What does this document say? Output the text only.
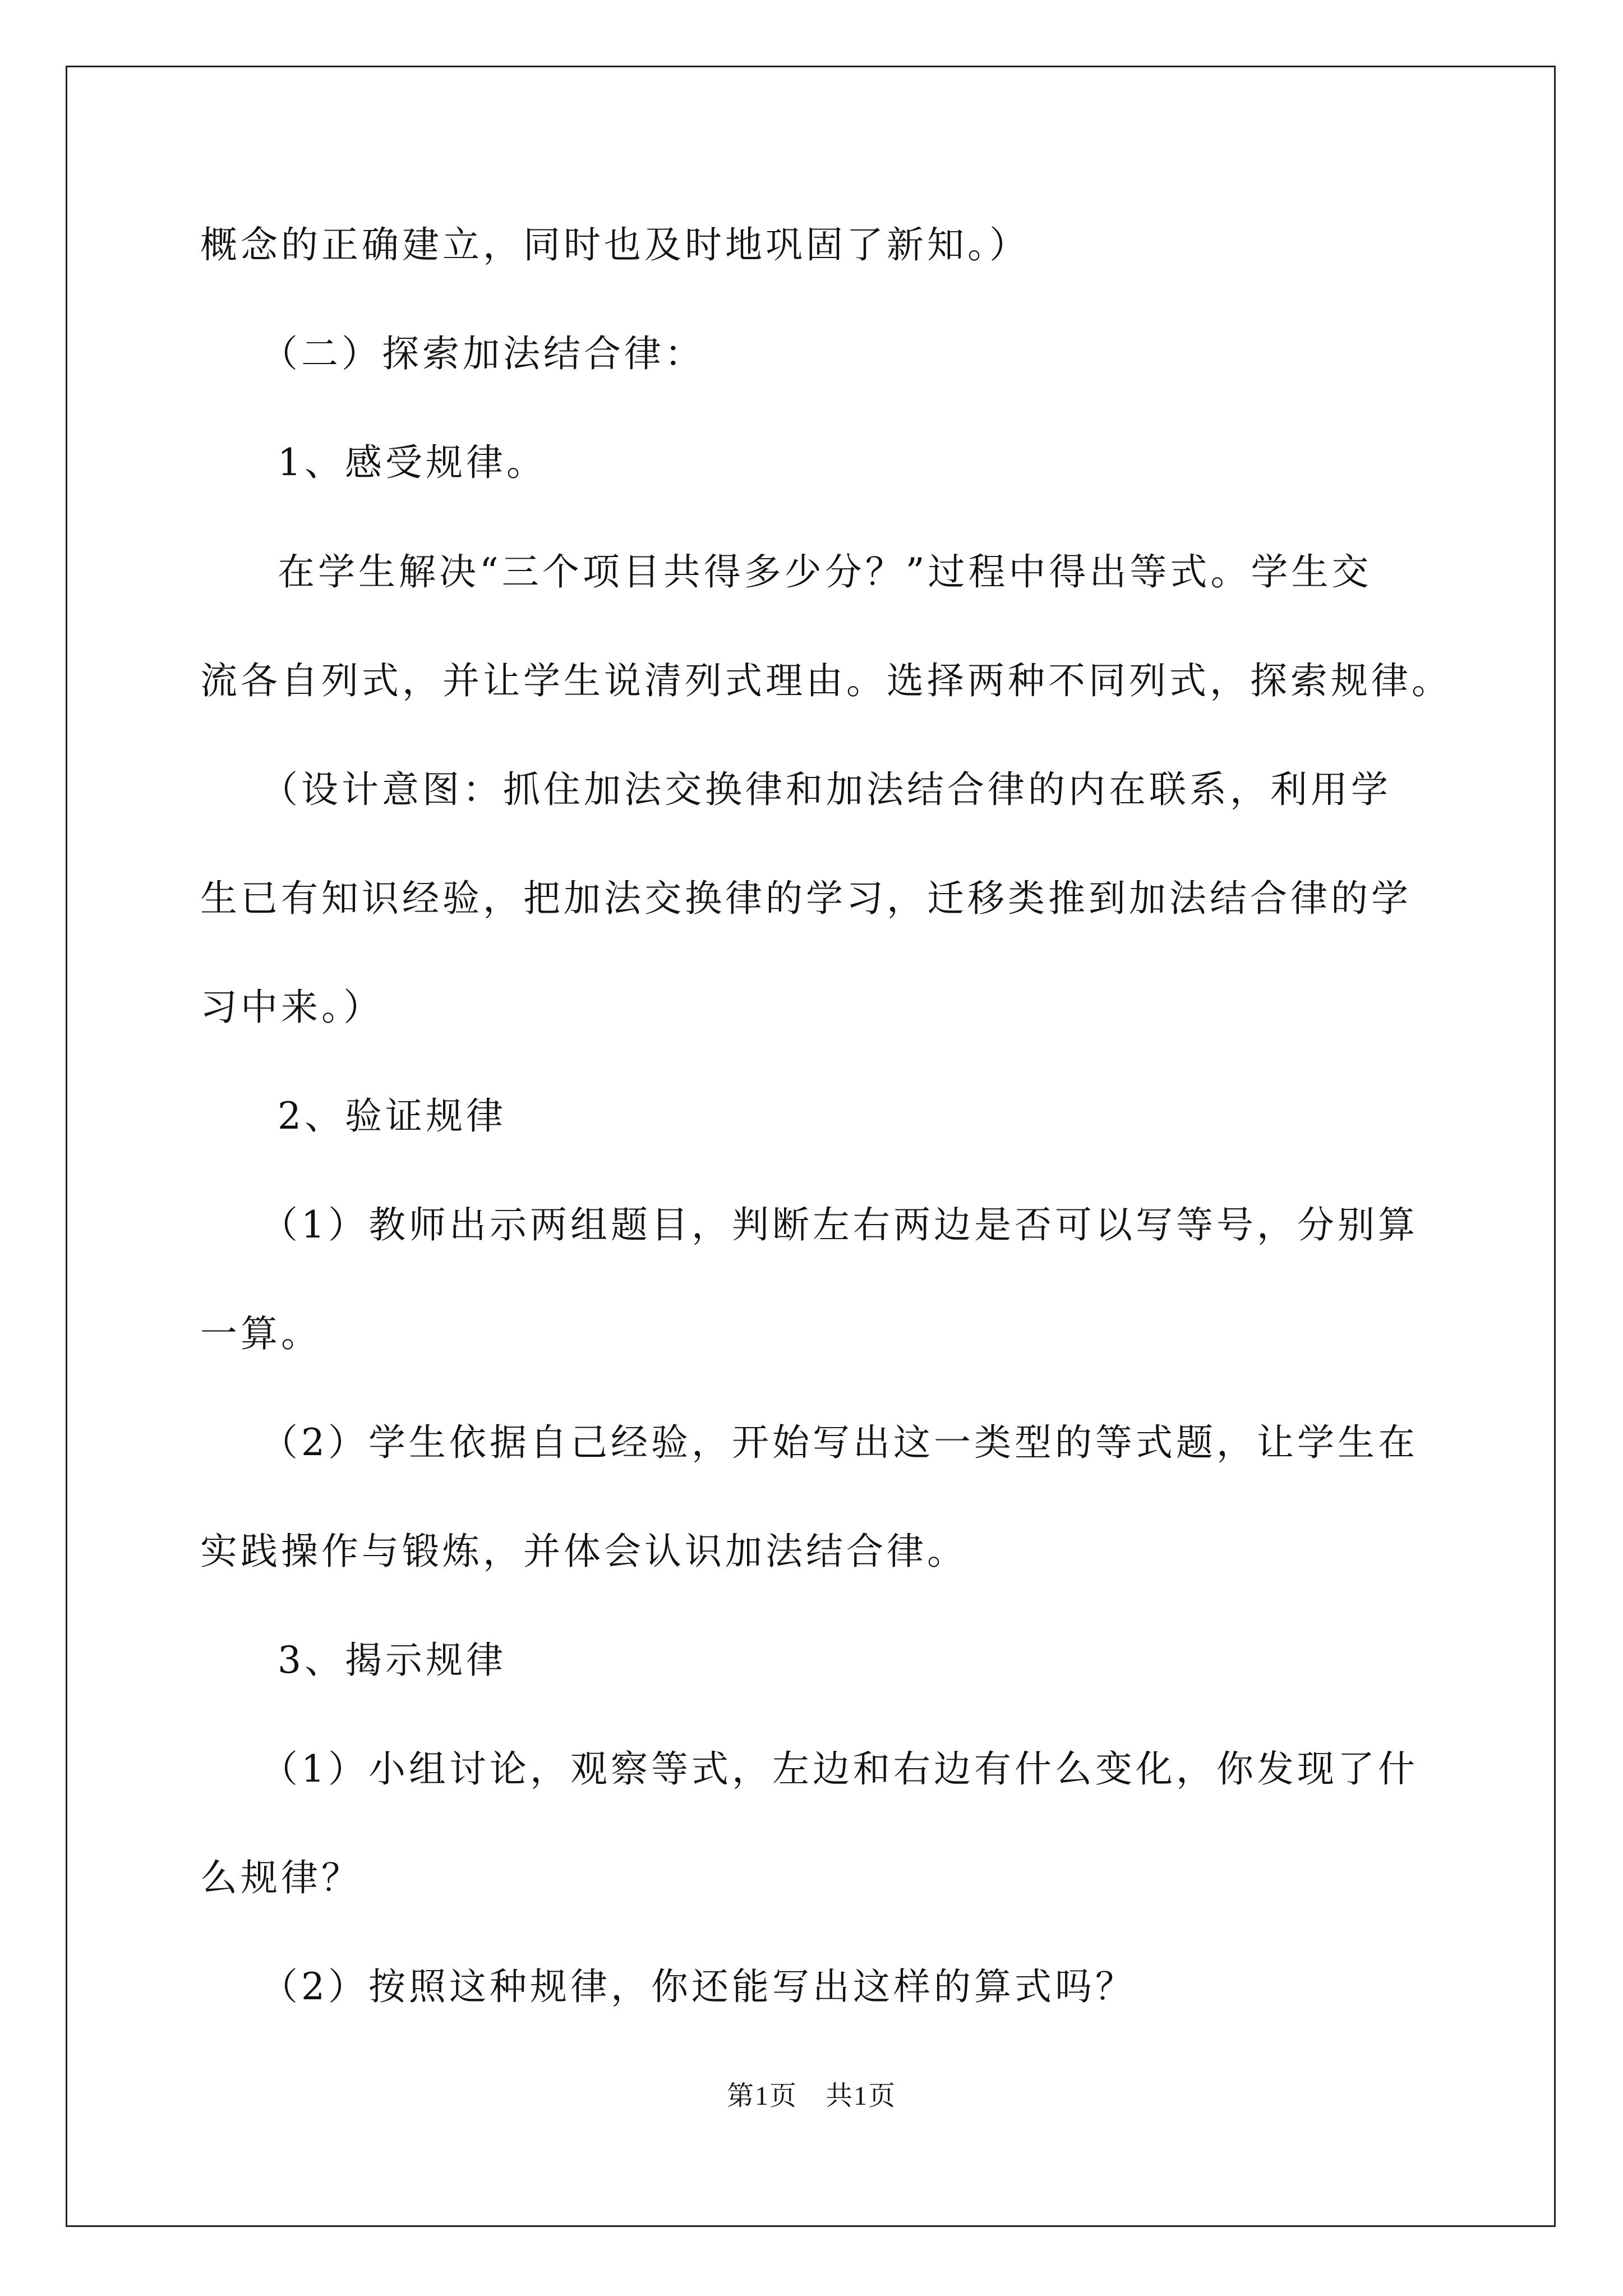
概念的正确建立，同时也及时地巩固了新知。）
（二）探索加法结合律：
1、感受规律。
在学生解决“三个项目共得多少分？”过程中得出等式。学生交
流各自列式，并让学生说清列式理由。选择两种不同列式，探索规律。
（设计意图：抓住加法交换律和加法结合律的内在联系，利用学
生已有知识经验，把加法交换律的学习，迁移类推到加法结合律的学
习中来。）
2、验证规律
（1）教师出示两组题目，判断左右两边是否可以写等号，分别算
一算。
（2）学生依据自己经验，开始写出这一类型的等式题，让学生在
实践操作与锻炼，并体会认识加法结合律。
3、揭示规律
（1）小组讨论，观察等式，左边和右边有什么变化，你发现了什
么规律？
（2）按照这种规律，你还能写出这样的算式吗？
第1页　共1页
